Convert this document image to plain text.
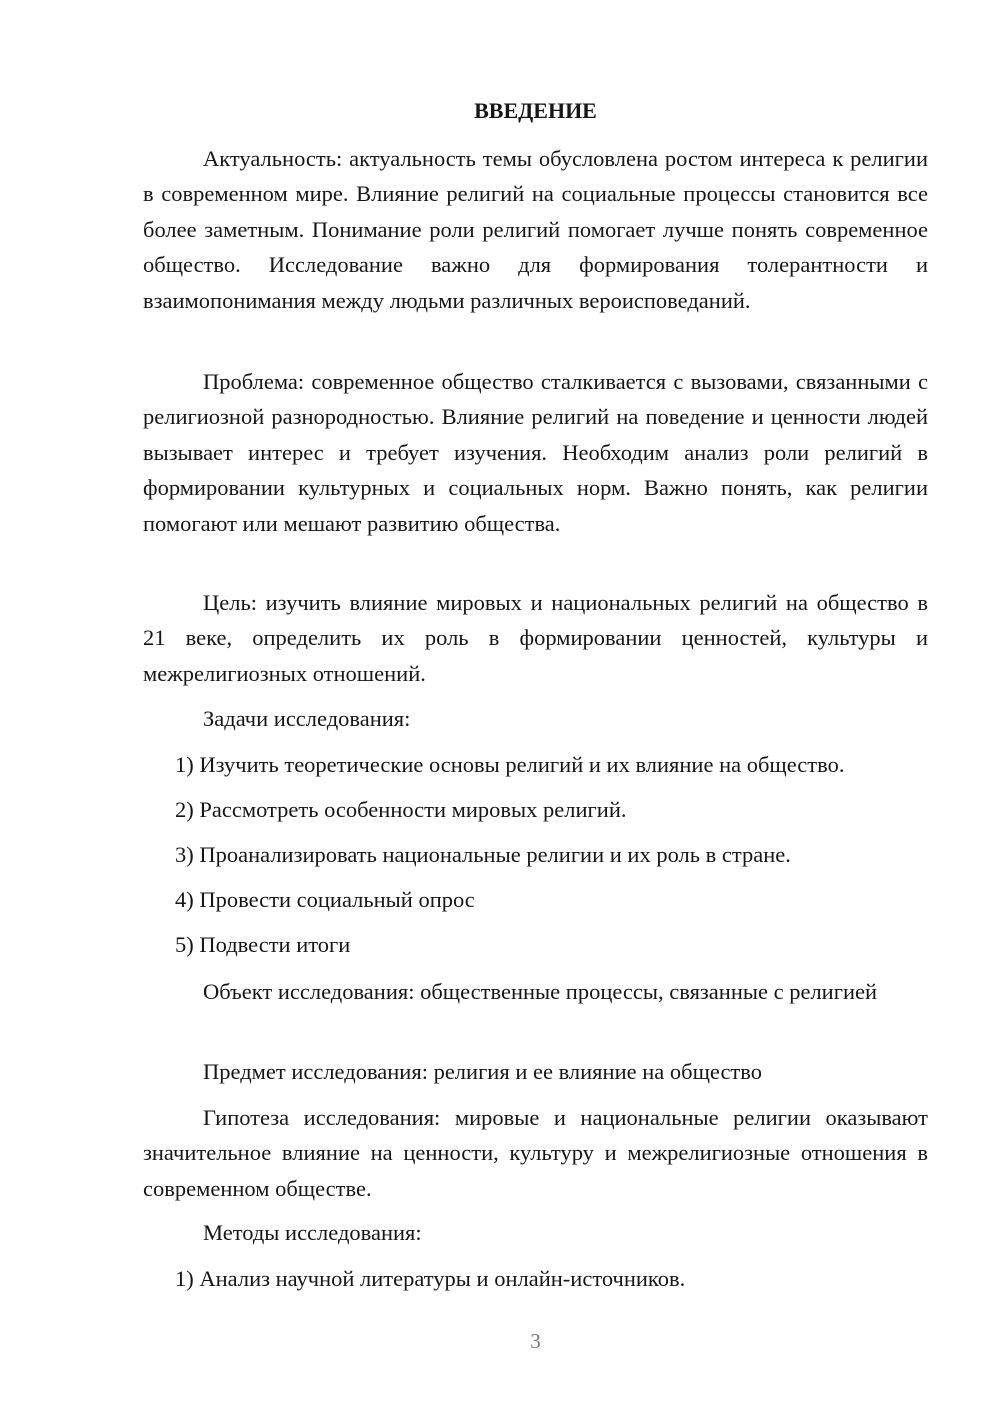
ВВЕДЕНИЕ

Актуальность: актуальность темы обусловлена ростом интереса к религии в современном мире. Влияние религий на социальные процессы становится все более заметным. Понимание роли религий помогает лучше понять современное общество. Исследование важно для формирования толерантности и взаимопонимания между людьми различных вероисповеданий.

Проблема: современное общество сталкивается с вызовами, связанными с религиозной разнородностью. Влияние религий на поведение и ценности людей вызывает интерес и требует изучения. Необходим анализ роли религий в формировании культурных и социальных норм. Важно понять, как религии помогают или мешают развитию общества.

Цель: изучить влияние мировых и национальных религий на общество в 21 веке, определить их роль в формировании ценностей, культуры и межрелигиозных отношений.

Задачи исследования:

1) Изучить теоретические основы религий и их влияние на общество.

2) Рассмотреть особенности мировых религий.

3) Проанализировать национальные религии и их роль в стране.

4) Провести социальный опрос

5) Подвести итоги

Объект исследования: общественные процессы, связанные с религией

Предмет исследования: религия и ее влияние на общество

Гипотеза исследования: мировые и национальные религии оказывают значительное влияние на ценности, культуру и межрелигиозные отношения в современном обществе.

Методы исследования:

1) Анализ научной литературы и онлайн-источников.

3
